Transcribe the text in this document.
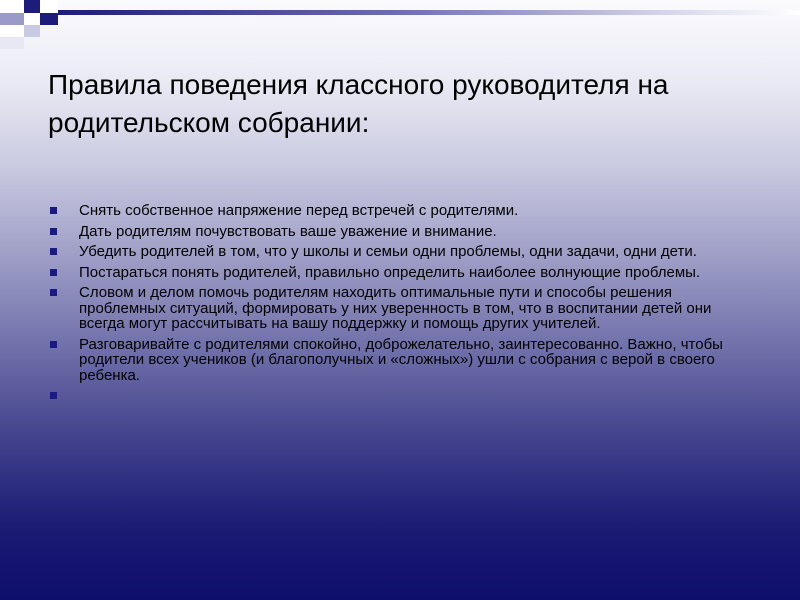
Правила поведения классного руководителя на родительском собрании:
Снять собственное напряжение перед встречей с родителями.
Дать родителям почувствовать ваше уважение и внимание.
Убедить родителей в том, что у школы и семьи одни проблемы, одни задачи, одни дети.
Постараться понять родителей, правильно определить наиболее волнующие проблемы.
Словом и делом помочь родителям находить оптимальные пути и способы решения проблемных ситуаций, формировать у них уверенность в том, что в воспитании детей они всегда могут рассчитывать на вашу поддержку и помощь других учителей.
Разговаривайте с родителями спокойно, доброжелательно, заинтересованно. Важно, чтобы родители всех учеников (и благополучных и «сложных») ушли с собрания с верой в своего ребенка.
